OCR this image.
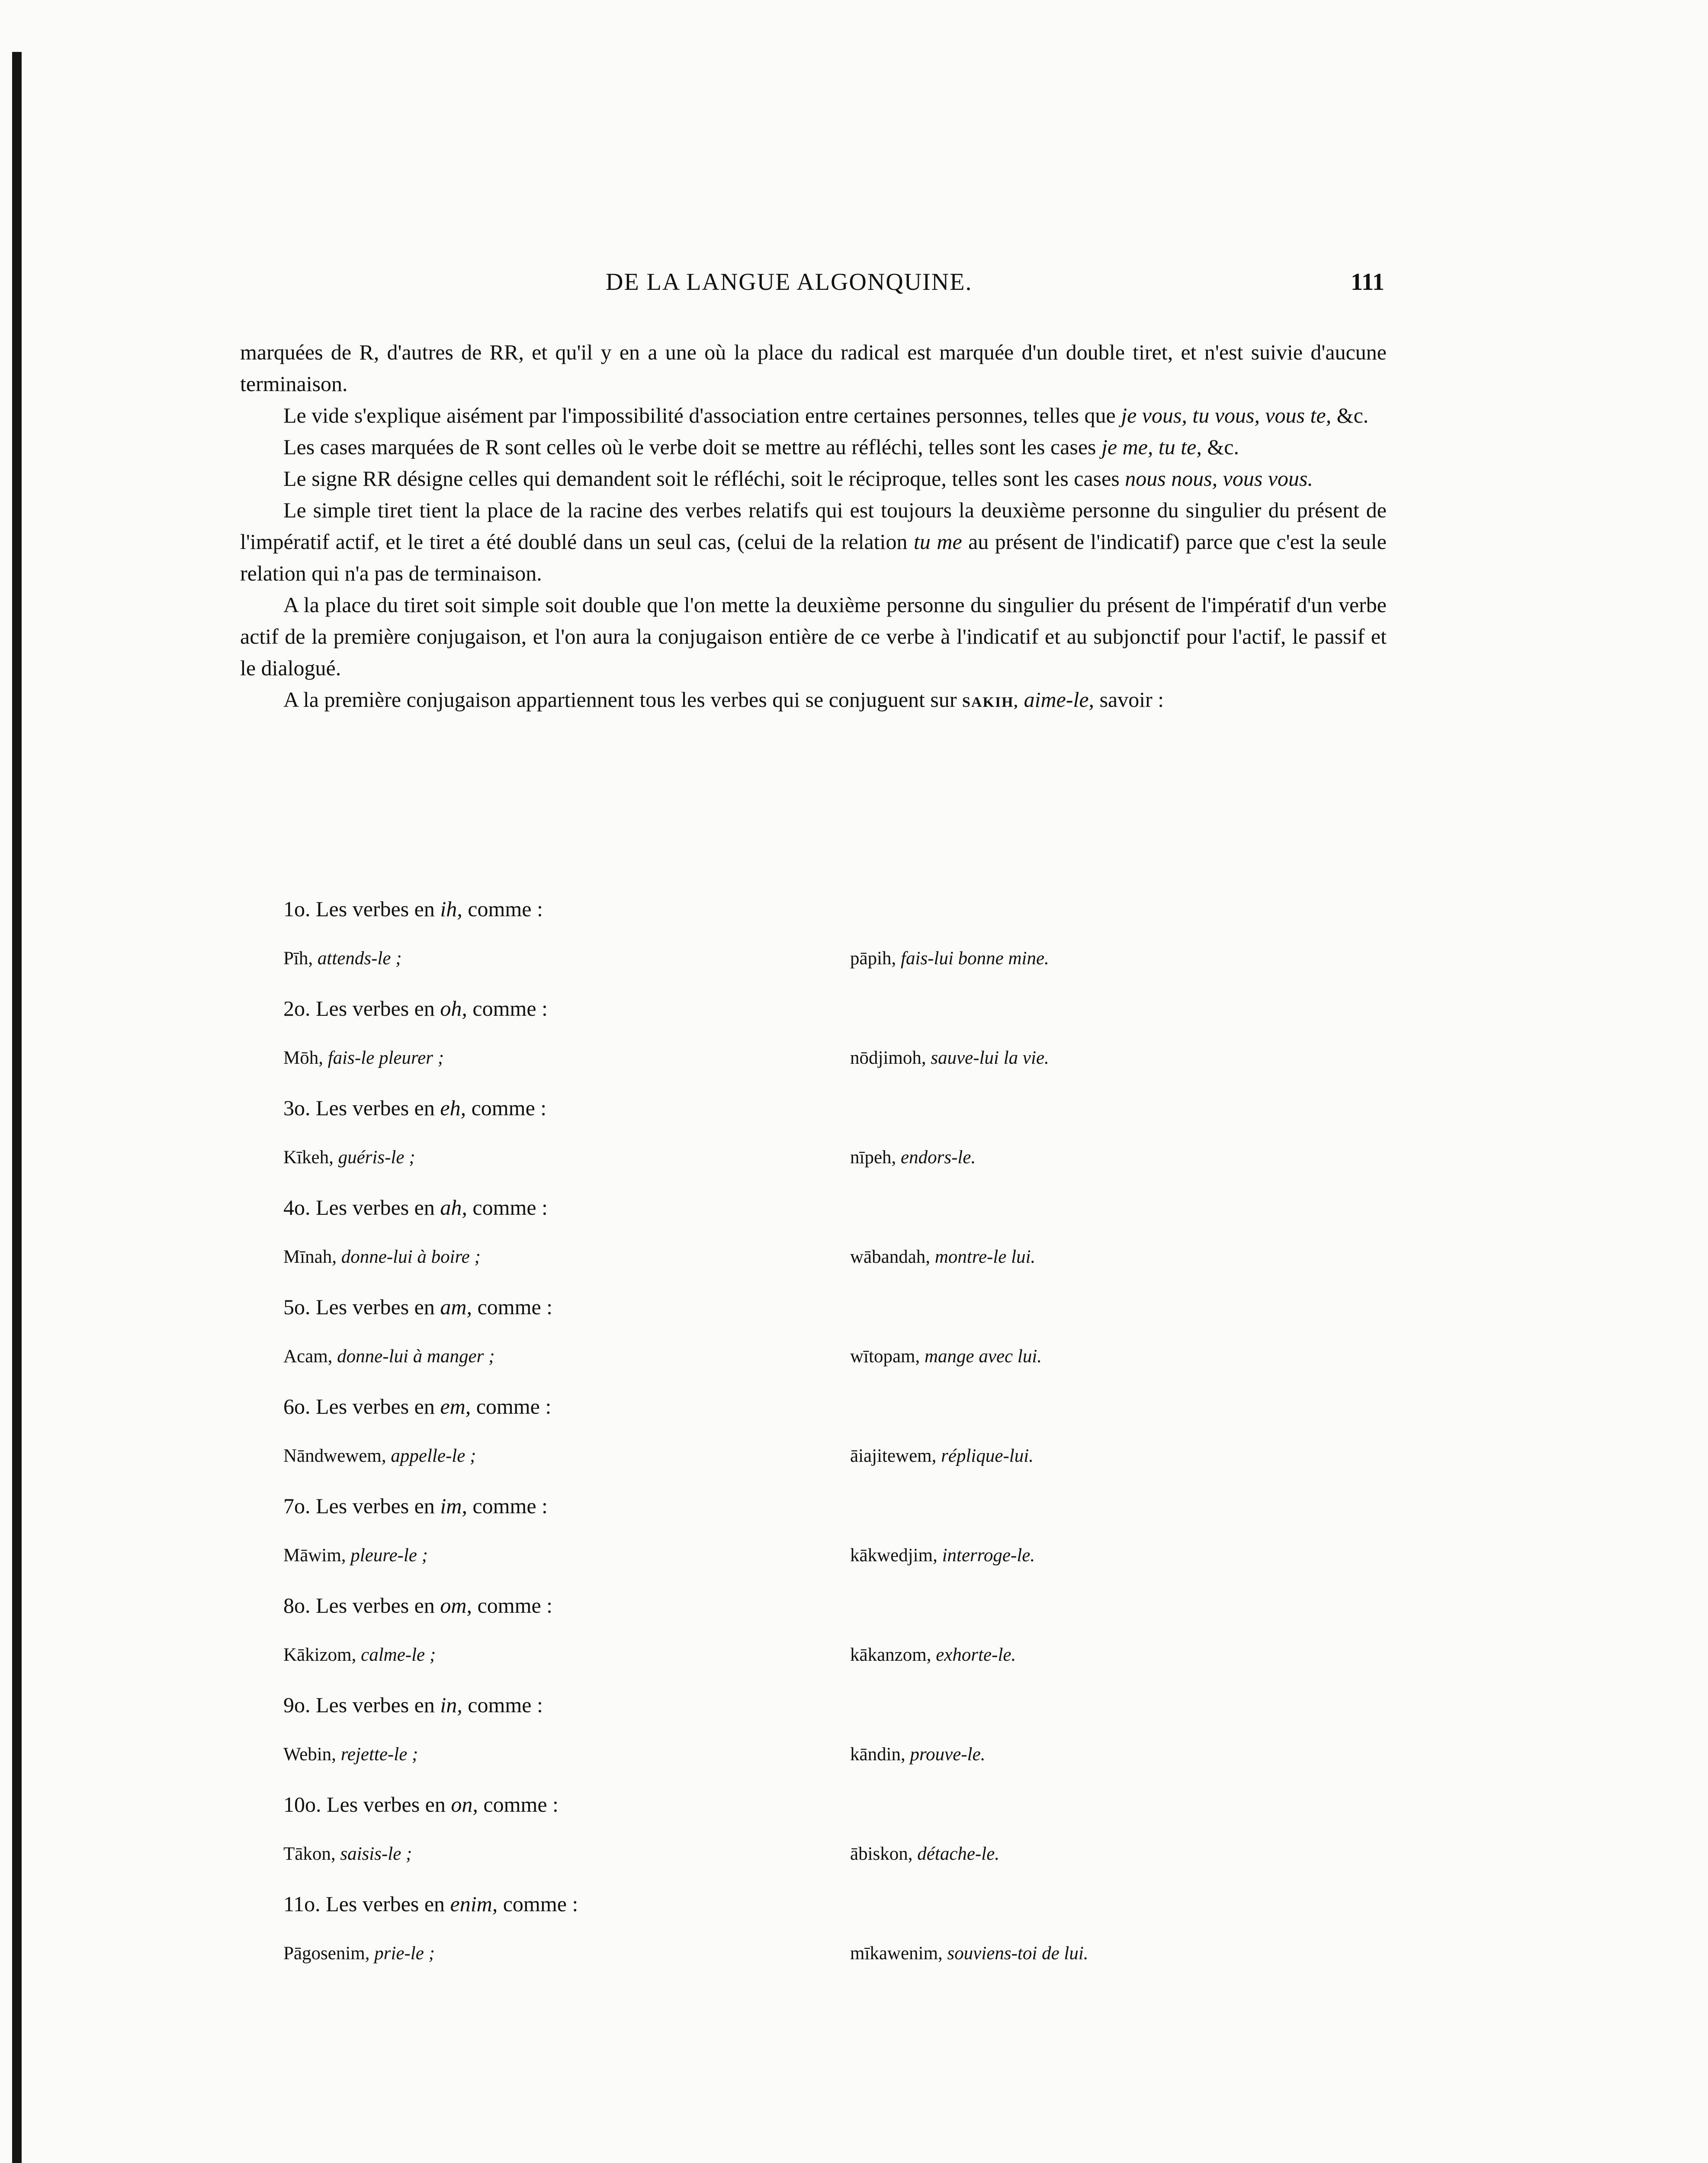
DE LA LANGUE ALGONQUINE.	111

marquées de R, d'autres de RR, et qu'il y en a une où la place du radical est marquée d'un double tiret, et n'est suivie d'aucune terminaison.

Le vide s'explique aisément par l'impossibilité d'association entre certaines personnes, telles que je vous, tu vous, vous te, &c.

Les cases marquées de R sont celles où le verbe doit se mettre au réfléchi, telles sont les cases je me, tu te, &c.

Le signe RR désigne celles qui demandent soit le réfléchi, soit le réciproque, telles sont les cases nous nous, vous vous.

Le simple tiret tient la place de la racine des verbes relatifs qui est toujours la deuxième personne du singulier du présent de l'impératif actif, et le tiret a été doublé dans un seul cas, (celui de la relation tu me au présent de l'indicatif) parce que c'est la seule relation qui n'a pas de terminaison.

A la place du tiret soit simple soit double que l'on mette la deuxième personne du singulier du présent de l'impératif d'un verbe actif de la première conjugaison, et l'on aura la conjugaison entière de ce verbe à l'indicatif et au subjonctif pour l'actif, le passif et le dialogué.

A la première conjugaison appartiennent tous les verbes qui se conjuguent sur SAKIH, aime-le, savoir :

1o. Les verbes en ih, comme :
Pīh, attends-le ;	pāpih, fais-lui bonne mine.
2o. Les verbes en oh, comme :
Mōh, fais-le pleurer ;	nōdjimoh, sauve-lui la vie.
3o. Les verbes en eh, comme :
Kīkeh, guéris-le ;	nīpeh, endors-le.
4o. Les verbes en ah, comme :
Mīnah, donne-lui à boire ;	wābandah, montre-le lui.
5o. Les verbes en am, comme :
Acam, donne-lui à manger ;	wītopam, mange avec lui.
6o. Les verbes en em, comme :
Nāndwewem, appelle-le ;	āiajitewem, réplique-lui.
7o. Les verbes en im, comme :
Māwim, pleure-le ;	kākwedjim, interroge-le.
8o. Les verbes en om, comme :
Kākizom, calme-le ;	kākanzom, exhorte-le.
9o. Les verbes en in, comme :
Webin, rejette-le ;	kāndin, prouve-le.
10o. Les verbes en on, comme :
Tākon, saisis-le ;	ābiskon, détache-le.
11o. Les verbes en enim, comme :
Pāgosenim, prie-le ;	mīkawenim, souviens-toi de lui.
